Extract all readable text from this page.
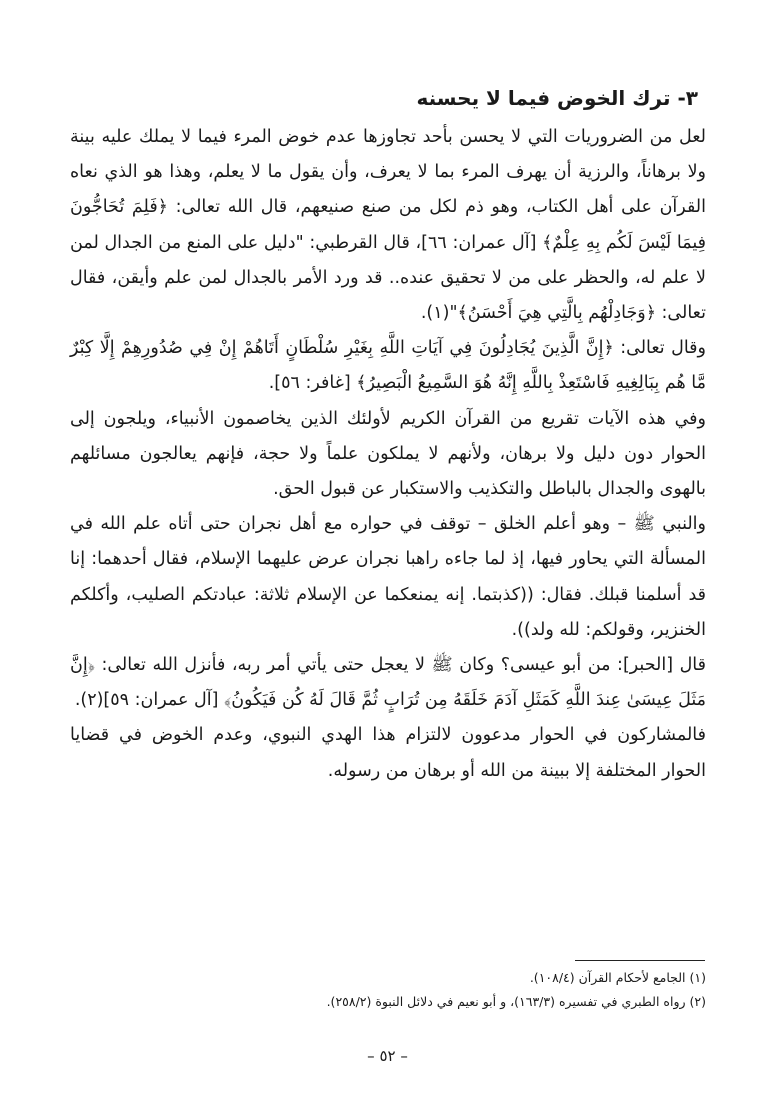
٣- ترك الخوض فيما لا يحسنه

لعل من الضروريات التي لا يحسن بأحد تجاوزها عدم خوض المرء فيما لا يملك عليه بينة ولا برهاناً، والرزية أن يهرف المرء بما لا يعرف، وأن يقول ما لا يعلم، وهذا هو الذي نعاه القرآن على أهل الكتاب، وهو ذم لكل من صنع صنيعهم، قال الله تعالى: ﴿فَلِمَ تُحَاجُّونَ فِيمَا لَيْسَ لَكُم بِهِ عِلْمٌ﴾ [آل عمران: ٦٦]، قال القرطبي: "دليل على المنع من الجدال لمن لا علم له، والحظر على من لا تحقيق عنده.. قد ورد الأمر بالجدال لمن علم وأيقن، فقال تعالى: ﴿وَجَادِلْهُم بِالَّتِي هِيَ أَحْسَنُ﴾"(١).

وقال تعالى: ﴿إِنَّ الَّذِينَ يُجَادِلُونَ فِي آيَاتِ اللَّهِ بِغَيْرِ سُلْطَانٍ أَتَاهُمْ إِنْ فِي صُدُورِهِمْ إِلَّا كِبْرٌ مَّا هُم بِبَالِغِيهِ فَاسْتَعِذْ بِاللَّهِ إِنَّهُ هُوَ السَّمِيعُ الْبَصِيرُ﴾ [غافر: ٥٦].

وفي هذه الآيات تقريع من القرآن الكريم لأولئك الذين يخاصمون الأنبياء، ويلجون إلى الحوار دون دليل ولا برهان، ولأنهم لا يملكون علماً ولا حجة، فإنهم يعالجون مسائلهم بالهوى والجدال بالباطل والتكذيب والاستكبار عن قبول الحق.

والنبي ﷺ – وهو أعلم الخلق – توقف في حواره مع أهل نجران حتى أتاه علم الله في المسألة التي يحاور فيها، إذ لما جاءه راهبا نجران عرض عليهما الإسلام، فقال أحدهما: إنا قد أسلمنا قبلك. فقال: ((كذبتما. إنه يمنعكما عن الإسلام ثلاثة: عبادتكم الصليب، وأكلكم الخنزير، وقولكم: لله ولد)).

قال [الحبر]: من أبو عيسى؟ وكان ﷺ لا يعجل حتى يأتي أمر ربه، فأنزل الله تعالى: ﴿إِنَّ مَثَلَ عِيسَىٰ عِندَ اللَّهِ كَمَثَلِ آدَمَ خَلَقَهُ مِن تُرَابٍ ثُمَّ قَالَ لَهُ كُن فَيَكُونُ﴾ [آل عمران: ٥٩](٢).

فالمشاركون في الحوار مدعوون لالتزام هذا الهدي النبوي، وعدم الخوض في قضايا الحوار المختلفة إلا ببينة من الله أو برهان من رسوله.

(١) الجامع لأحكام القرآن (١٠٨/٤).

(٢) رواه الطبري في تفسيره (١٦٣/٣)، و أبو نعيم في دلائل النبوة (٢٥٨/٢).

– ٥٢ –
